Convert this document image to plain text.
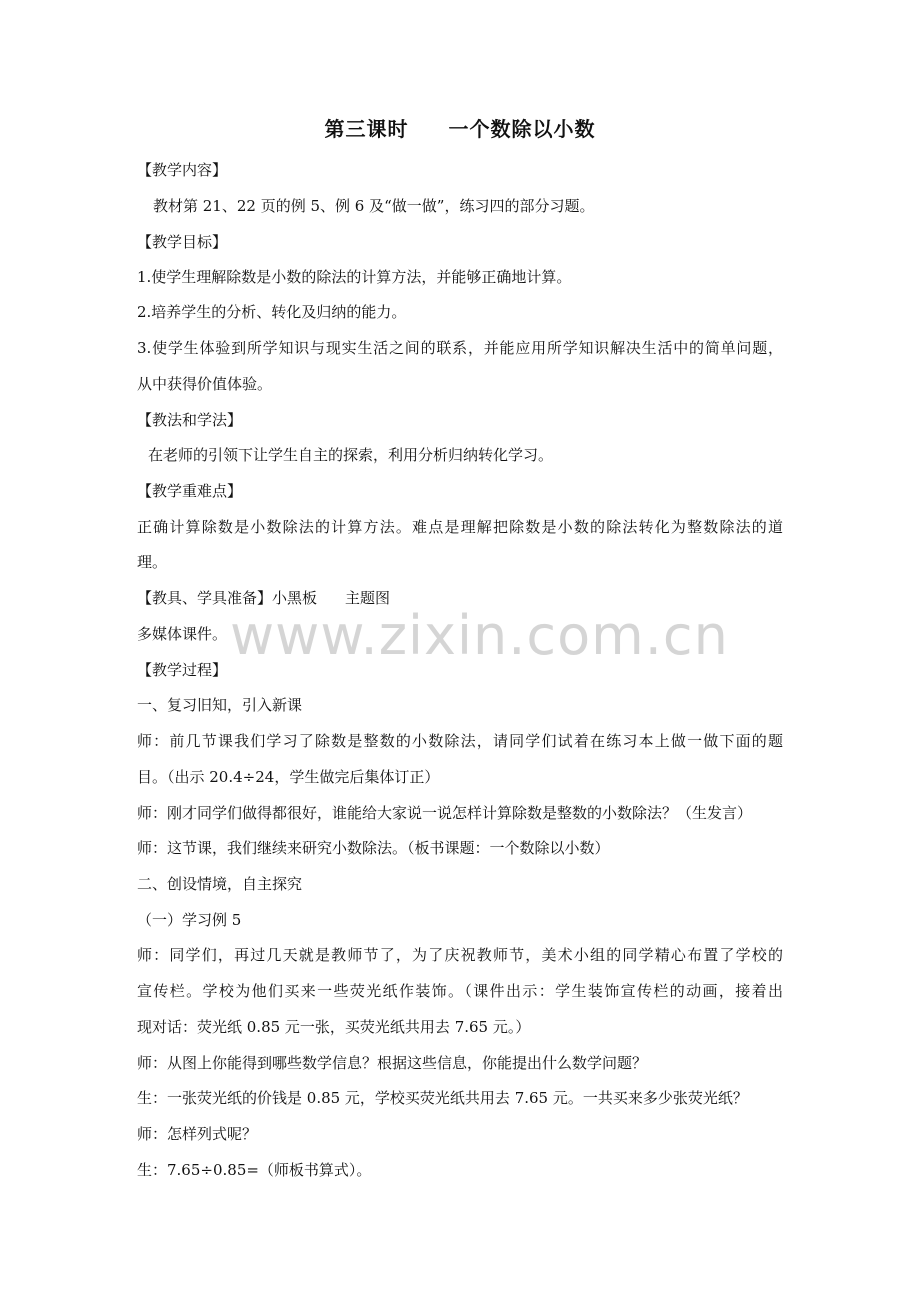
第三课时 一个数除以小数
www.zixin.com.cn
【教学内容】
教材第 21、22 页的例 5、例 6 及“做一做”，练习四的部分习题。
【教学目标】
1.使学生理解除数是小数的除法的计算方法，并能够正确地计算。
2.培养学生的分析、转化及归纳的能力。
3.使学生体验到所学知识与现实生活之间的联系，并能应用所学知识解决生活中的简单问题，
从中获得价值体验。
【教法和学法】
在老师的引领下让学生自主的探索，利用分析归纳转化学习。
【教学重难点】
正确计算除数是小数除法的计算方法。难点是理解把除数是小数的除法转化为整数除法的道
理。
【教具、学具准备】小黑板 主题图
多媒体课件。
【教学过程】
一、复习旧知，引入新课
师：前几节课我们学习了除数是整数的小数除法，请同学们试着在练习本上做一做下面的题
目。（出示 20.4÷24，学生做完后集体订正）
师：刚才同学们做得都很好，谁能给大家说一说怎样计算除数是整数的小数除法？（生发言）
师：这节课，我们继续来研究小数除法。（板书课题：一个数除以小数）
二、创设情境，自主探究
（一）学习例 5
师：同学们，再过几天就是教师节了，为了庆祝教师节，美术小组的同学精心布置了学校的
宣传栏。学校为他们买来一些荧光纸作装饰。（课件出示：学生装饰宣传栏的动画，接着出
现对话：荧光纸 0.85 元一张，买荧光纸共用去 7.65 元。）
师：从图上你能得到哪些数学信息？根据这些信息，你能提出什么数学问题？
生：一张荧光纸的价钱是 0.85 元，学校买荧光纸共用去 7.65 元。一共买来多少张荧光纸？
师：怎样列式呢？
生：7.65÷0.85=（师板书算式）。
